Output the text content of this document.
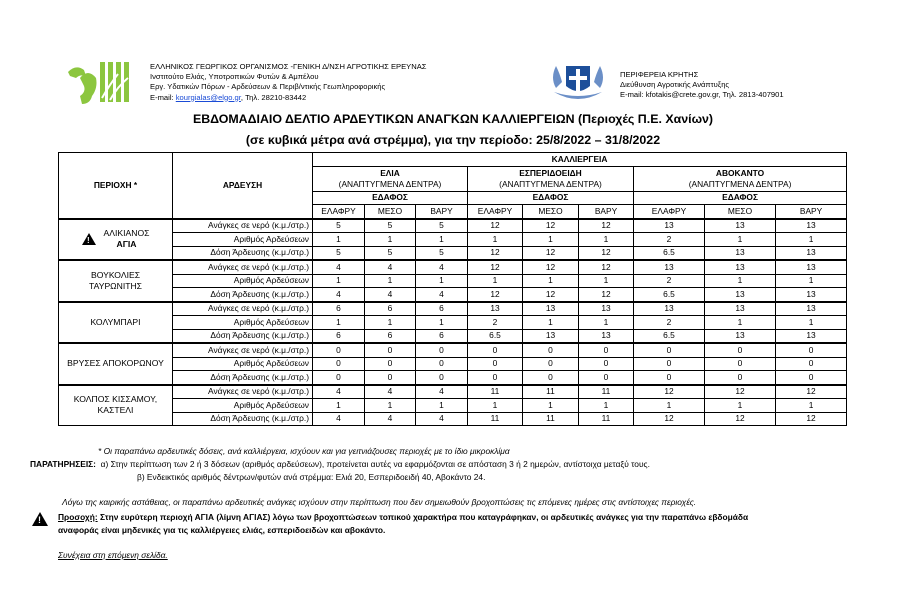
ΕΛΛΗΝΙΚΟΣ ΓΕΩΡΓΙΚΟΣ ΟΡΓΑΝΙΣΜΟΣ -ΓΕΝΙΚΗ Δ/ΝΣΗ ΑΓΡΟΤΙΚΗΣ ΕΡΕΥΝΑΣ
Ινστιτούτο Ελιάς, Υποτροπικών Φυτών & Αμπέλου
Εργ. Υδατικών Πόρων - Αρδεύσεων & Περιβ/ντικής Γεωπληροφορικής
E-mail: kourgialas@elgo.gr, Τηλ. 28210-83442
ΠΕΡΙΦΕΡΕΙΑ ΚΡΗΤΗΣ
Διεύθυνση Αγροτικής Ανάπτυξης
E-mail: kfotakis@crete.gov.gr, Τηλ. 2813-407901
ΕΒΔΟΜΑΔΙΑΙΟ ΔΕΛΤΙΟ ΑΡΔΕΥΤΙΚΩΝ ΑΝΑΓΚΩΝ ΚΑΛΛΙΕΡΓΕΙΩΝ (Περιοχές Π.Ε. Χανίων)
(σε κυβικά μέτρα ανά στρέμμα), για την περίοδο: 25/8/2022 – 31/8/2022
ΠΕΡΙΟΧΗ *	ΑΡΔΕΥΣΗ	ΚΑΛΛΙΕΡΓΕΙΑ								
		ΕΛΙΑ
(ΑΝΑΠΤΥΓΜΕΝΑ ΔΕΝΤΡΑ)			ΕΣΠΕΡΙΔΟΕΙΔΗ
(ΑΝΑΠΤΥΓΜΕΝΑ ΔΕΝΤΡΑ)			ΑΒΟΚΑΝΤΟ
(ΑΝΑΠΤΥΓΜΕΝΑ ΔΕΝΤΡΑ)		
		ΕΔΑΦΟΣ			ΕΔΑΦΟΣ			ΕΔΑΦΟΣ		
		ΕΛΑΦΡΥ	ΜΕΣΟ	ΒΑΡΥ	ΕΛΑΦΡΥ	ΜΕΣΟ	ΒΑΡΥ	ΕΛΑΦΡΥ	ΜΕΣΟ	ΒΑΡΥ
!ΑΛΙΚΙΑΝΟΣ
ΑΓΙΑ	Ανάγκες σε νερό (κ.μ./στρ.)	5	5	5	12	12	12	13	13	13
	Αριθμός Αρδεύσεων	1	1	1	1	1	1	2	1	1
	Δόση Άρδευσης (κ.μ./στρ.)	5	5	5	12	12	12	6.5	13	13
ΒΟΥΚΟΛΙΕΣ
ΤΑΥΡΩΝΙΤΗΣ	Ανάγκες σε νερό (κ.μ./στρ.)	4	4	4	12	12	12	13	13	13
	Αριθμός Αρδεύσεων	1	1	1	1	1	1	2	1	1
	Δόση Άρδευσης (κ.μ./στρ.)	4	4	4	12	12	12	6.5	13	13
ΚΟΛΥΜΠΑΡΙ	Ανάγκες σε νερό (κ.μ./στρ.)	6	6	6	13	13	13	13	13	13
	Αριθμός Αρδεύσεων	1	1	1	2	1	1	2	1	1
	Δόση Άρδευσης (κ.μ./στρ.)	6	6	6	6.5	13	13	6.5	13	13
ΒΡΥΣΕΣ ΑΠΟΚΟΡΩΝΟΥ	Ανάγκες σε νερό (κ.μ./στρ.)	0	0	0	0	0	0	0	0	0
	Αριθμός Αρδεύσεων	0	0	0	0	0	0	0	0	0
	Δόση Άρδευσης (κ.μ./στρ.)	0	0	0	0	0	0	0	0	0
ΚΟΛΠΟΣ ΚΙΣΣΑΜΟΥ,
ΚΑΣΤΕΛΙ	Ανάγκες σε νερό (κ.μ./στρ.)	4	4	4	11	11	11	12	12	12
	Αριθμός Αρδεύσεων	1	1	1	1	1	1	1	1	1
	Δόση Άρδευσης (κ.μ./στρ.)	4	4	4	11	11	11	12	12	12
* Οι παραπάνω αρδευτικές δόσεις, ανά καλλιέργεια, ισχύουν και για γειτνιάζουσες περιοχές με το ίδιο μικροκλίμα
ΠΑΡΑΤΗΡΗΣΕΙΣ: α) Στην περίπτωση των 2 ή 3 δόσεων (αριθμός αρδεύσεων), προτείνεται αυτές να εφαρμόζονται σε απόσταση 3 ή 2 ημερών, αντίστοιχα μεταξύ τους.
β) Ενδεικτικός αριθμός δέντρων/φυτών ανά στρέμμα: Ελιά 20, Εσπεριδοειδή 40, Αβοκάντο 24.
Λόγω της καιρικής αστάθειας, οι παραπάνω αρδευτικές ανάγκες ισχύουν στην περίπτωση που δεν σημειωθούν βροχοπτώσεις τις επόμενες ημέρες στις αντίστοιχες περιοχές.
!
Προσοχή: Στην ευρύτερη περιοχή ΑΓΙΑ (λίμνη ΑΓΙΑΣ) λόγω των βροχοπτώσεων τοπικού χαρακτήρα που καταγράφηκαν, οι αρδευτικές ανάγκες για την παραπάνω εβδομάδα
αναφοράς είναι μηδενικές για τις καλλιέργειες ελιάς, εσπεριδοειδών και αβοκάντο.
Συνέχεια στη επόμενη σελίδα.
